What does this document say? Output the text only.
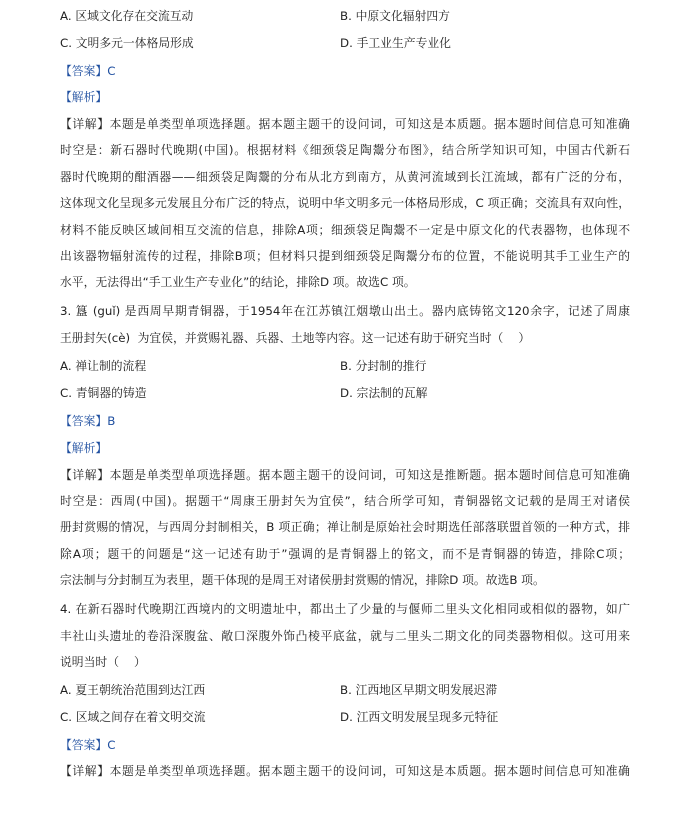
A. 区域文化存在交流互动	B. 中原文化辐射四方
C. 文明多元一体格局形成	D. 手工业生产专业化
【答案】C
【解析】
【详解】本题是单类型单项选择题。据本题主题干的设问词，可知这是本质题。据本题时间信息可知准确
时空是：新石器时代晚期(中国)。根据材料《细颈袋足陶鬶分布图》，结合所学知识可知，中国古代新石
器时代晚期的酣酒器——细颈袋足陶鬶的分布从北方到南方，从黄河流域到长江流域，都有广泛的分布，
这体现文化呈现多元发展且分布广泛的特点，说明中华文明多元一体格局形成，C 项正确；交流具有双向性，
材料不能反映区域间相互交流的信息，排除A项；细颈袋足陶鬶不一定是中原文化的代表器物，也体现不
出该器物辐射流传的过程，排除B项；但材料只提到细颈袋足陶鬶分布的位置，不能说明其手工业生产的
水平，无法得出“手工业生产专业化”的结论，排除D 项。故选C 项。
3. 簋 (guǐ) 是西周早期青铜器，于1954年在江苏镇江烟墩山出土。器内底铸铭文120余字，记述了周康
王册封矢(cè)  为宜侯，并赏赐礼器、兵器、土地等内容。这一记述有助于研究当时（    ）
A. 禅让制的流程	B. 分封制的推行
C. 青铜器的铸造	D. 宗法制的瓦解
【答案】B
【解析】
【详解】本题是单类型单项选择题。据本题主题干的设问词，可知这是推断题。据本题时间信息可知准确
时空是：西周(中国)。据题干“周康王册封矢为宜侯”，结合所学可知，青铜器铭文记载的是周王对诸侯
册封赏赐的情况，与西周分封制相关，B 项正确；禅让制是原始社会时期选任部落联盟首领的一种方式，排
除A项；题干的问题是“这一记述有助于”强调的是青铜器上的铭文，而不是青铜器的铸造，排除C项；
宗法制与分封制互为表里，题干体现的是周王对诸侯册封赏赐的情况，排除D 项。故选B 项。
4. 在新石器时代晚期江西境内的文明遗址中，都出土了少量的与偃师二里头文化相同或相似的器物，如广
丰社山头遗址的卷沿深腹盆、敞口深腹外饰凸棱平底盆，就与二里头二期文化的同类器物相似。这可用来
说明当时（    ）
A. 夏王朝统治范围到达江西	B. 江西地区早期文明发展迟滞
C. 区域之间存在着文明交流	D. 江西文明发展呈现多元特征
【答案】C
【详解】本题是单类型单项选择题。据本题主题干的设问词，可知这是本质题。据本题时间信息可知准确
